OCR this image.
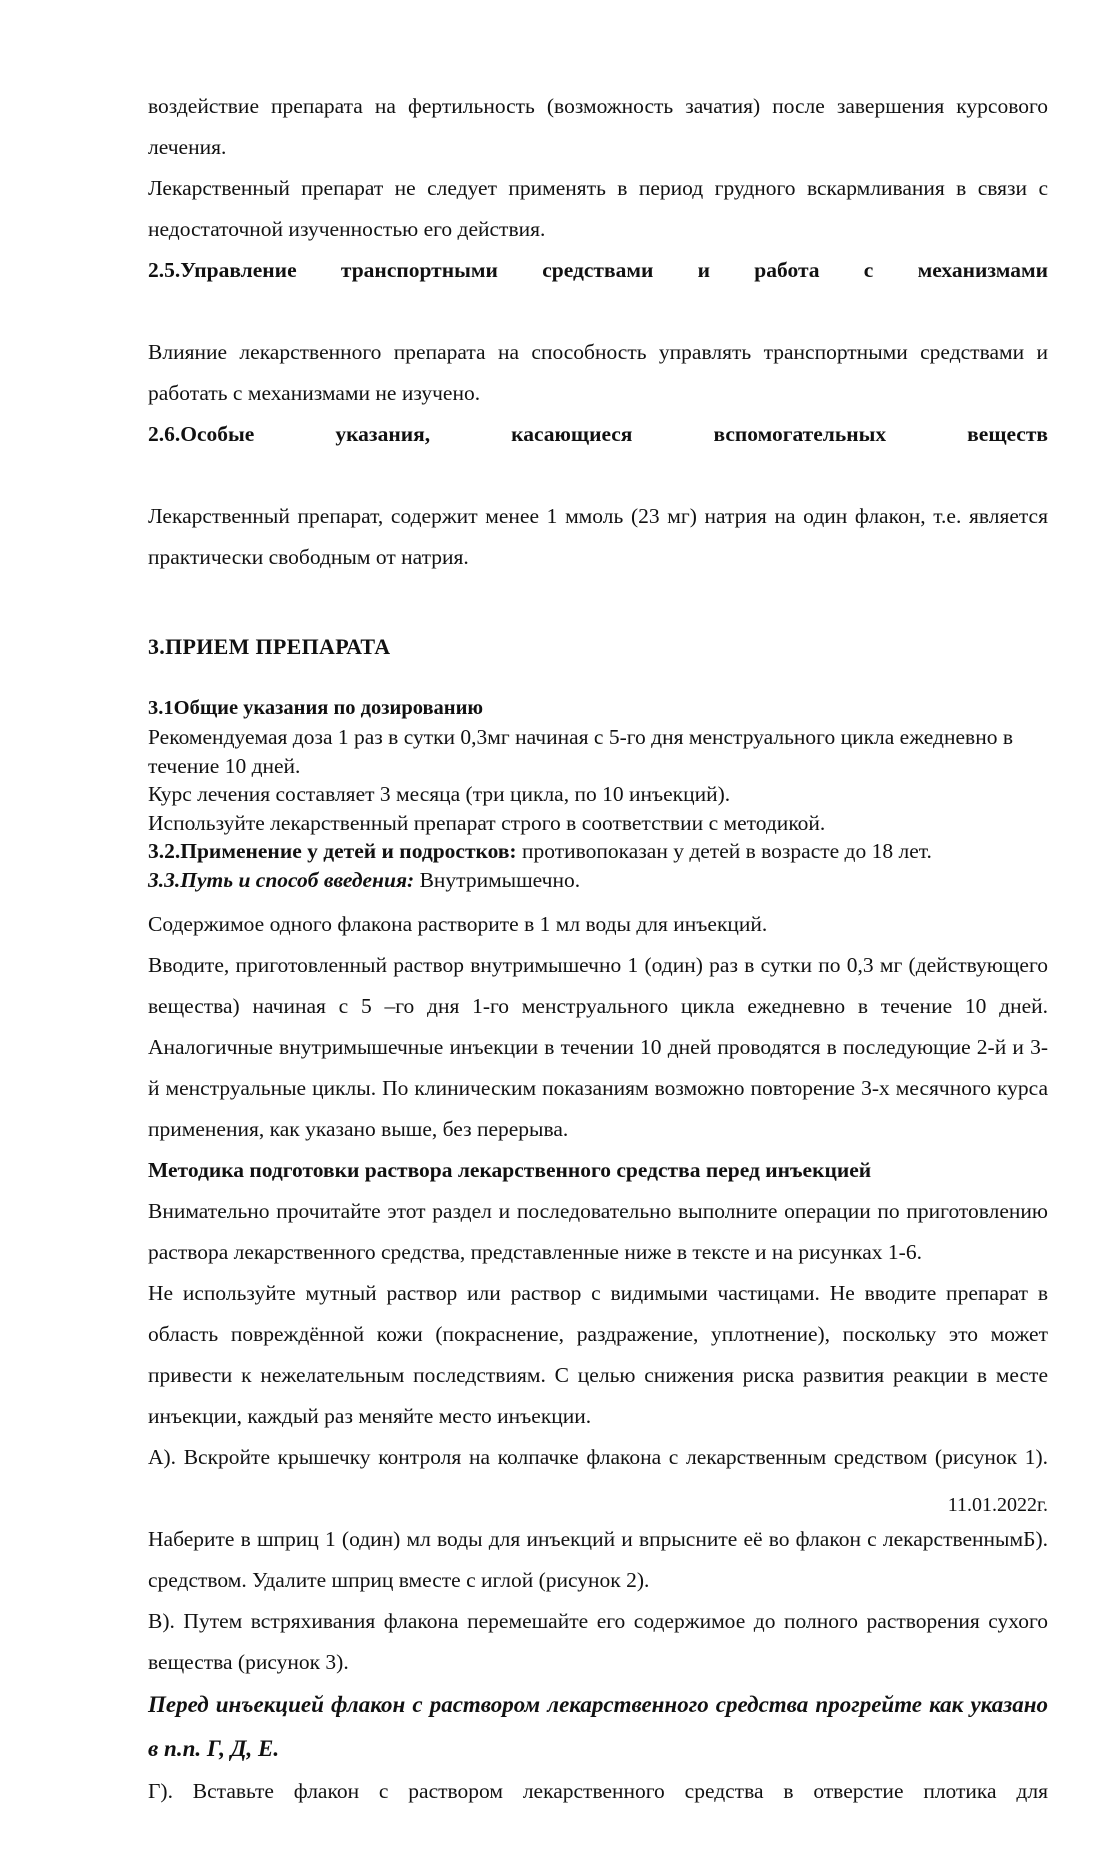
воздействие препарата на фертильность (возможность зачатия) после завершения курсового лечения.

Лекарственный препарат не следует применять в период грудного вскармливания в связи с недостаточной изученностью его действия.

2.5.Управление транспортными средствами и работа с механизмами

Влияние лекарственного препарата на способность управлять транспортными средствами и работать с механизмами не изучено.

2.6.Особые указания, касающиеся вспомогательных веществ

Лекарственный препарат, содержит менее 1 ммоль (23 мг) натрия на один флакон, т.е. является практически свободным от натрия.

3.ПРИЕМ ПРЕПАРАТА

3.1Общие указания по дозированию

Рекомендуемая доза 1 раз в сутки 0,3мг начиная с 5-го дня менструального цикла ежедневно в течение 10 дней.

Курс лечения составляет 3 месяца (три цикла, по 10 инъекций).

Используйте лекарственный препарат строго в соответствии с методикой.

3.2.Применение у детей и подростков: противопоказан у детей в возрасте до 18 лет.

3.3.Путь и способ введения: Внутримышечно.

Содержимое одного флакона растворите в 1 мл воды для инъекций.

Вводите, приготовленный раствор внутримышечно 1 (один) раз в сутки по 0,3 мг (действующего вещества) начиная с 5 –го дня 1-го менструального цикла ежедневно в течение 10 дней. Аналогичные внутримышечные инъекции в течении 10 дней проводятся в последующие 2-й и 3-й менструальные циклы. По клиническим показаниям возможно повторение 3-х месячного курса применения, как указано выше, без перерыва.

Методика подготовки раствора лекарственного средства перед инъекцией

Внимательно прочитайте этот раздел и последовательно выполните операции по приготовлению раствора лекарственного средства, представленные ниже в тексте и на рисунках 1-6.

Не используйте мутный раствор или раствор с видимыми частицами. Не вводите препарат в область повреждённой кожи (покраснение, раздражение, уплотнение), поскольку это может привести к нежелательным последствиям. С целью снижения риска развития реакции в месте инъекции, каждый раз меняйте место инъекции.

А). Вскройте крышечку контроля на колпачке флакона с лекарственным средством (рисунок 1).

Б).
Наберите в шприц 1 (один) мл воды для инъекций и впрысните её во флакон с лекарственным средством. Удалите шприц вместе с иглой (рисунок 2).

В). Путем встряхивания флакона перемешайте его содержимое до полного растворения сухого вещества (рисунок 3).

Перед инъекцией флакон с раствором лекарственного средства прогрейте как указано в п.п. Г, Д, Е.

Г). Вставьте флакон с раствором лекарственного средства в отверстие плотика для

11.01.2022г.
